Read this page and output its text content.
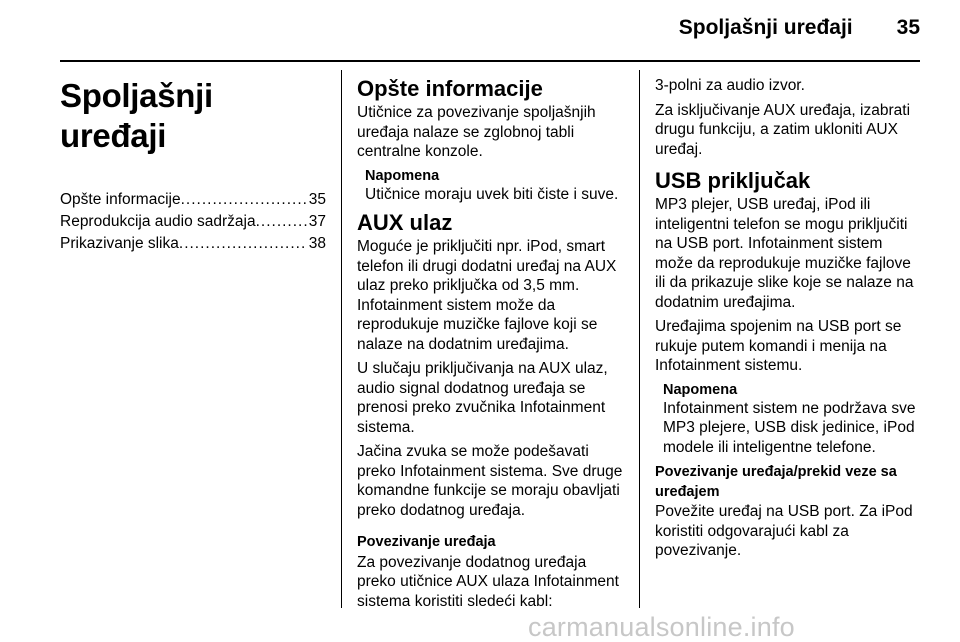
Spoljašnji uređaji 35
Spoljašnji uređaji
Opšte informacije .....	35
Reprodukcija audio sadržaja .....	37
Prikazivanje slika .....	38
Opšte informacije

Utičnice za povezivanje spoljašnjih uređaja nalaze se zglobnoj tabli centralne konzole.

Napomena
Utičnice moraju uvek biti čiste i suve.
AUX ulaz

Moguće je priključiti npr. iPod, smart telefon ili drugi dodatni uređaj na AUX ulaz preko priključka od 3,5 mm. Infotainment sistem može da reprodukuje muzičke fajlove koji se nalaze na dodatnim uređajima.

U slučaju priključivanja na AUX ulaz, audio signal dodatnog uređaja se prenosi preko zvučnika Infotainment sistema.

Jačina zvuka se može podešavati preko Infotainment sistema. Sve druge komandne funkcije se moraju obavljati preko dodatnog uređaja.

Povezivanje uređaja

Za povezivanje dodatnog uređaja preko utičnice AUX ulaza Infotainment sistema koristiti sledeći kabl:

3-polni za audio izvor.

Za isključivanje AUX uređaja, izabrati drugu funkciju, a zatim ukloniti AUX uređaj.

USB priključak

MP3 plejer, USB uređaj, iPod ili inteligentni telefon se mogu priključiti na USB port. Infotainment sistem može da reprodukuje muzičke fajlove ili da prikazuje slike koje se nalaze na dodatnim uređajima.

Uređajima spojenim na USB port se rukuje putem komandi i menija na Infotainment sistemu.

Napomena
Infotainment sistem ne podržava sve MP3 plejere, USB disk jedinice, iPod modele ili inteligentne telefone.
Povezivanje uređaja/prekid veze sa uređajem

Povežite uređaj na USB port. Za iPod koristiti odgovarajući kabl za povezivanje.

carmanualsonline.info
